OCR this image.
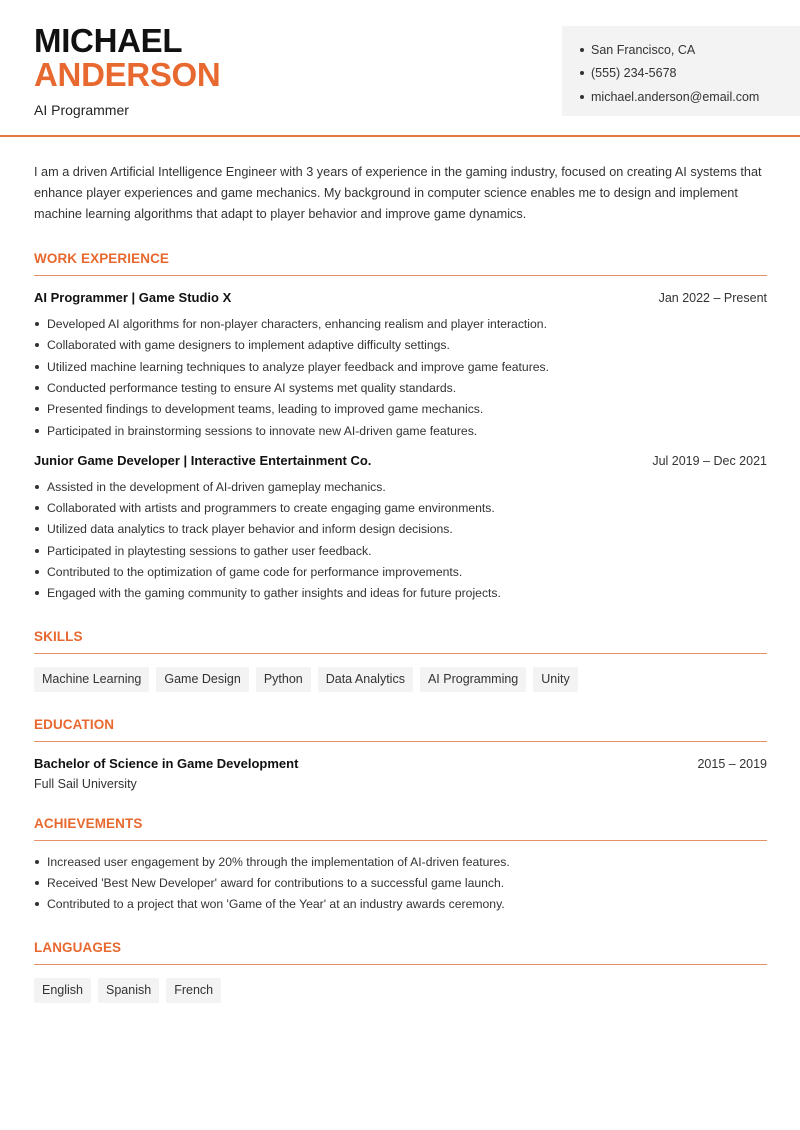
MICHAEL
ANDERSON
AI Programmer
San Francisco, CA
(555) 234-5678
michael.anderson@email.com

I am a driven Artificial Intelligence Engineer with 3 years of experience in the gaming industry, focused on creating AI systems that enhance player experiences and game mechanics. My background in computer science enables me to design and implement machine learning algorithms that adapt to player behavior and improve game dynamics.

WORK EXPERIENCE
AI Programmer | Game Studio X	Jan 2022 – Present
Developed AI algorithms for non-player characters, enhancing realism and player interaction.
Collaborated with game designers to implement adaptive difficulty settings.
Utilized machine learning techniques to analyze player feedback and improve game features.
Conducted performance testing to ensure AI systems met quality standards.
Presented findings to development teams, leading to improved game mechanics.
Participated in brainstorming sessions to innovate new AI-driven game features.
Junior Game Developer | Interactive Entertainment Co.	Jul 2019 – Dec 2021
Assisted in the development of AI-driven gameplay mechanics.
Collaborated with artists and programmers to create engaging game environments.
Utilized data analytics to track player behavior and inform design decisions.
Participated in playtesting sessions to gather user feedback.
Contributed to the optimization of game code for performance improvements.
Engaged with the gaming community to gather insights and ideas for future projects.
SKILLS
Machine Learning	Game Design	Python	Data Analytics	AI Programming	Unity
EDUCATION
Bachelor of Science in Game Development	2015 – 2019
Full Sail University
ACHIEVEMENTS
Increased user engagement by 20% through the implementation of AI-driven features.
Received 'Best New Developer' award for contributions to a successful game launch.
Contributed to a project that won 'Game of the Year' at an industry awards ceremony.
LANGUAGES
English	Spanish	French
